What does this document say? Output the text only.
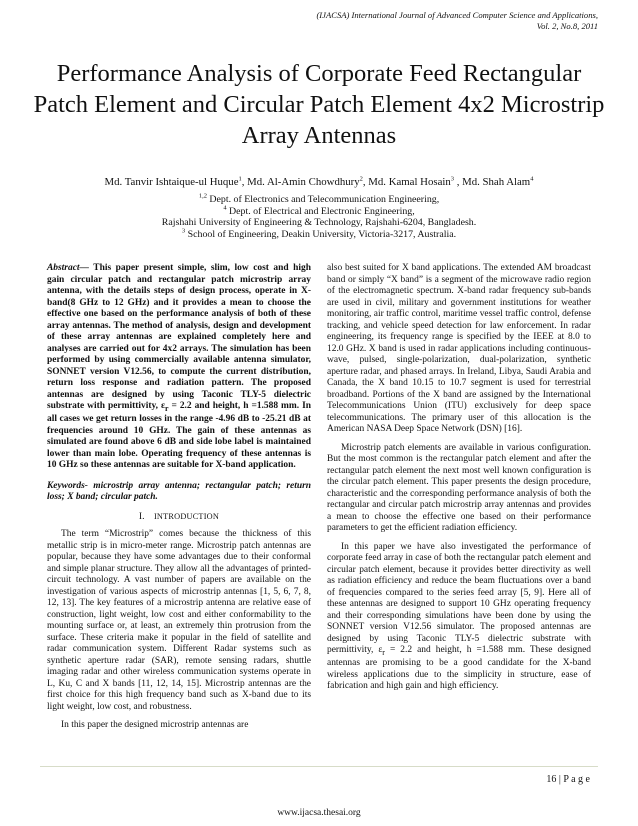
(IJACSA) International Journal of Advanced Computer Science and Applications,
Vol. 2, No.8, 2011
Performance Analysis of Corporate Feed Rectangular Patch Element and Circular Patch Element 4x2 Microstrip Array Antennas
Md. Tanvir Ishtaique-ul Huque$^1$, Md. Al-Amin Chowdhury$^2$, Md. Kamal Hosain$^3$ , Md. Shah Alam$^4$
$^{1,2}$ Dept. of Electronics and Telecommunication Engineering,
$^4$ Dept. of Electrical and Electronic Engineering,
Rajshahi University of Engineering & Technology, Rajshahi-6204, Bangladesh.
$^3$ School of Engineering, Deakin University, Victoria-3217, Australia.

Abstract— This paper present simple, slim, low cost and high gain circular patch and rectangular patch microstrip array antenna, with the details steps of design process, operate in X-band(8 GHz to 12 GHz) and it provides a mean to choose the effective one based on the performance analysis of both of these array antennas. The method of analysis, design and development of these array antennas are explained completely here and analyses are carried out for 4x2 arrays. The simulation has been performed by using commercially available antenna simulator, SONNET version V12.56, to compute the current distribution, return loss response and radiation pattern. The proposed antennas are designed by using Taconic TLY-5 dielectric substrate with permittivity, $\varepsilon_r = 2.2$ and height, h =1.588 mm. In all cases we get return losses in the range -4.96 dB to -25.21 dB at frequencies around 10 GHz. The gain of these antennas as simulated are found above 6 dB and side lobe label is maintained lower than main lobe. Operating frequency of these antennas is 10 GHz so these antennas are suitable for X-band application.

Keywords- microstrip array antenna; rectangular patch; return loss; X band; circular patch.

I. INTRODUCTION

The term “Microstrip” comes because the thickness of this metallic strip is in micro-meter range. Microstrip patch antennas are popular, because they have some advantages due to their conformal and simple planar structure. They allow all the advantages of printed-circuit technology. A vast number of papers are available on the investigation of various aspects of microstrip antennas [1, 5, 6, 7, 8, 12, 13]. The key features of a microstrip antenna are relative ease of construction, light weight, low cost and either conformability to the mounting surface or, at least, an extremely thin protrusion from the surface. These criteria make it popular in the field of satellite and radar communication system. Different Radar systems such as synthetic aperture radar (SAR), remote sensing radars, shuttle imaging radar and other wireless communication systems operate in L, Ku, C and X bands [11, 12, 14, 15]. Microstrip antennas are the first choice for this high frequency band such as X-band due to its light weight, low cost, and robustness.

In this paper the designed microstrip antennas are

also best suited for X band applications. The extended AM broadcast band or simply “X band” is a segment of the microwave radio region of the electromagnetic spectrum. X-band radar frequency sub-bands are used in civil, military and government institutions for weather monitoring, air traffic control, maritime vessel traffic control, defense tracking, and vehicle speed detection for law enforcement. In radar engineering, its frequency range is specified by the IEEE at 8.0 to 12.0 GHz. X band is used in radar applications including continuous-wave, pulsed, single-polarization, dual-polarization, synthetic aperture radar, and phased arrays. In Ireland, Libya, Saudi Arabia and Canada, the X band 10.15 to 10.7 segment is used for terrestrial broadband. Portions of the X band are assigned by the International Telecommunications Union (ITU) exclusively for deep space telecommunications. The primary user of this allocation is the American NASA Deep Space Network (DSN) [16].

Microstrip patch elements are available in various configuration. But the most common is the rectangular patch element and after the rectangular patch element the next most well known configuration is the circular patch element. This paper presents the design procedure, characteristic and the corresponding performance analysis of both the rectangular and circular patch microstrip array antennas and provides a mean to choose the effective one based on their performance parameters to get the efficient radiation efficiency.

In this paper we have also investigated the performance of corporate feed array in case of both the rectangular patch element and circular patch element, because it provides better directivity as well as radiation efficiency and reduce the beam fluctuations over a band of frequencies compared to the series feed array [5, 9]. Here all of these antennas are designed to support 10 GHz operating frequency and their corresponding simulations have been done by using the SONNET version V12.56 simulator. The proposed antennas are designed by using Taconic TLY-5 dielectric substrate with permittivity, $\varepsilon_r = 2.2$ and height, h =1.588 mm. These designed antennas are promising to be a good candidate for the X-band wireless applications due to the simplicity in structure, ease of fabrication and high gain and high efficiency.

16 | P a g e
www.ijacsa.thesai.org
